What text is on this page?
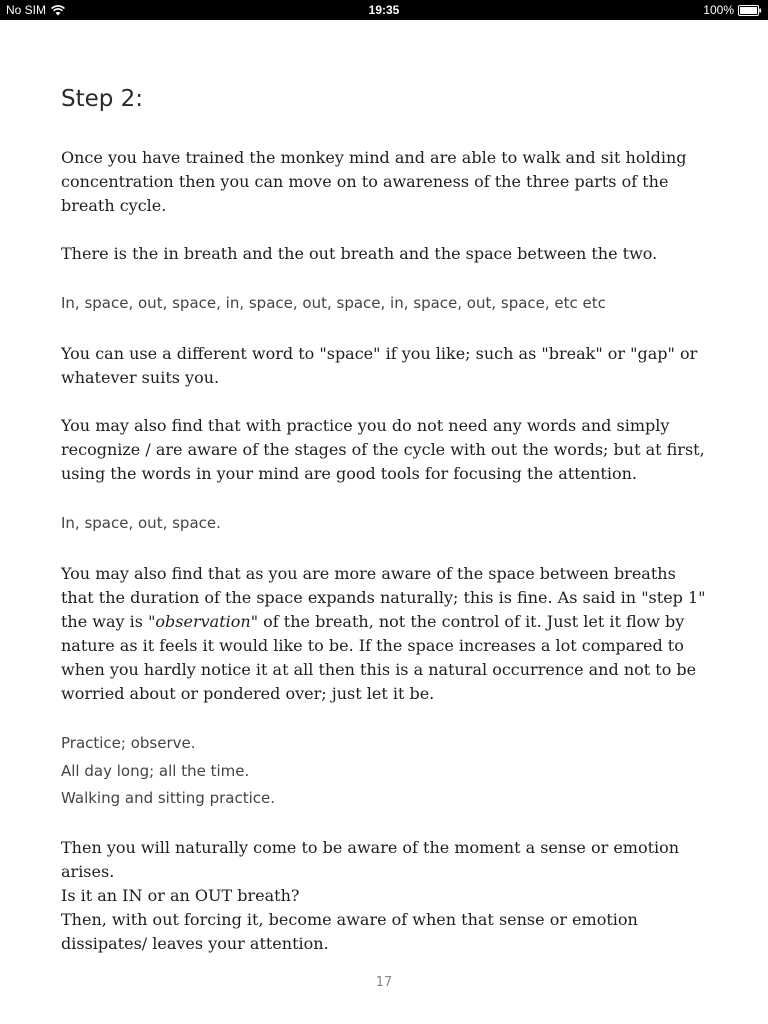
No SIM	19:35	100%
Step 2:

Once you have trained the monkey mind and are able to walk and sit holding concentration then you can move on to awareness of the three parts of the breath cycle.

There is the in breath and the out breath and the space between the two.

In, space, out, space, in, space, out, space, in, space, out, space, etc etc

You can use a different word to "space" if you like; such as "break" or "gap" or whatever suits you.

You may also find that with practice you do not need any words and simply recognize / are aware of the stages of the cycle with out the words; but at first, using the words in your mind are good tools for focusing the attention.

In, space, out, space.

You may also find that as you are more aware of the space between breaths that the duration of the space expands naturally; this is fine. As said in "step 1" the way is "observation" of the breath, not the control of it. Just let it flow by nature as it feels it would like to be. If the space increases a lot compared to when you hardly notice it at all then this is a natural occurrence and not to be worried about or pondered over; just let it be.

Practice; observe.
All day long; all the time.
Walking and sitting practice.
Then you will naturally come to be aware of the moment a sense or emotion arises.
Is it an IN or an OUT breath?

Then, with out forcing it, become aware of when that sense or emotion dissipates/ leaves your attention.

17
